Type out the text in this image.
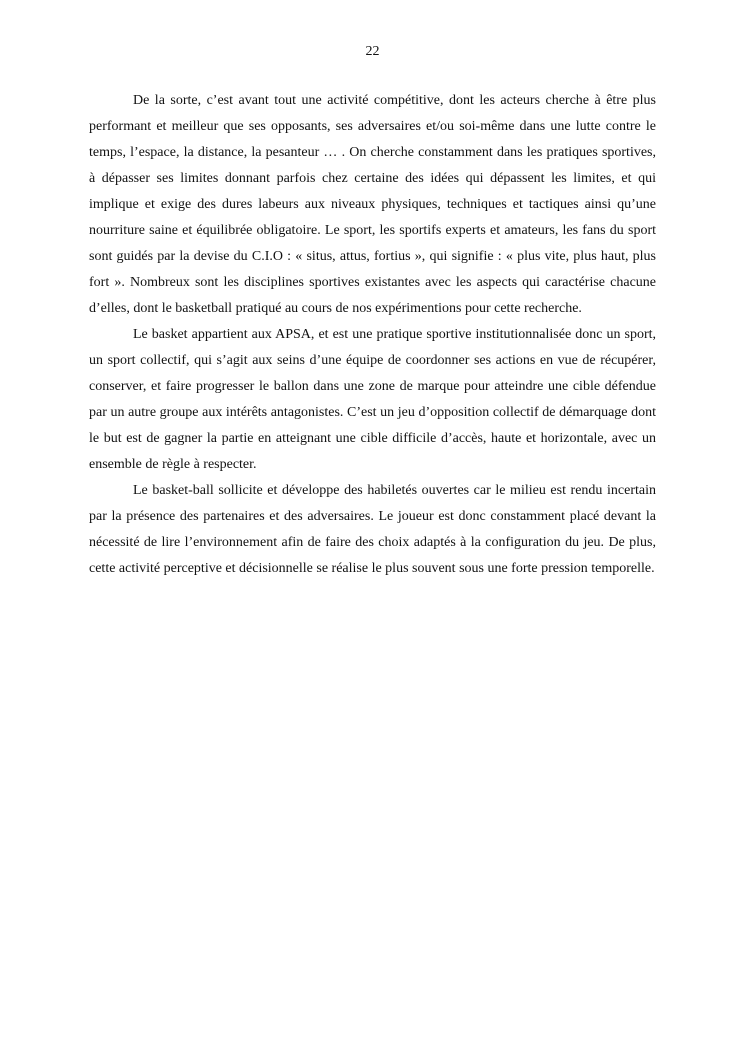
22

De la sorte, c’est avant tout une activité compétitive, dont les acteurs cherche à être plus performant et meilleur que ses opposants, ses adversaires et/ou soi-même dans une lutte contre le temps, l’espace, la distance, la pesanteur … . On cherche constamment dans les pratiques sportives, à dépasser ses limites donnant parfois chez certaine des idées qui dépassent les limites, et qui implique et exige des dures labeurs aux niveaux physiques, techniques et tactiques ainsi qu’une nourriture saine et équilibrée obligatoire. Le sport, les sportifs experts et amateurs, les fans du sport sont guidés par la devise du C.I.O : « situs, attus, fortius », qui signifie : « plus vite, plus haut, plus fort ». Nombreux sont les disciplines sportives existantes avec les aspects qui caractérise chacune d’elles, dont le basketball pratiqué au cours de nos expérimentions pour cette recherche.

Le basket appartient aux APSA, et est une pratique sportive institutionnalisée donc un sport, un sport collectif, qui s’agit aux seins d’une équipe de coordonner ses actions en vue de récupérer, conserver, et faire progresser le ballon dans une zone de marque pour atteindre une cible défendue par un autre groupe aux intérêts antagonistes. C’est un jeu d’opposition collectif de démarquage dont le but est de gagner la partie en atteignant une cible difficile d’accès, haute et horizontale, avec un ensemble de règle à respecter.

Le basket-ball sollicite et développe des habiletés ouvertes car le milieu est rendu incertain par la présence des partenaires et des adversaires. Le joueur est donc constamment placé devant la nécessité de lire l’environnement afin de faire des choix adaptés à la configuration du jeu. De plus, cette activité perceptive et décisionnelle se réalise le plus souvent sous une forte pression temporelle.
